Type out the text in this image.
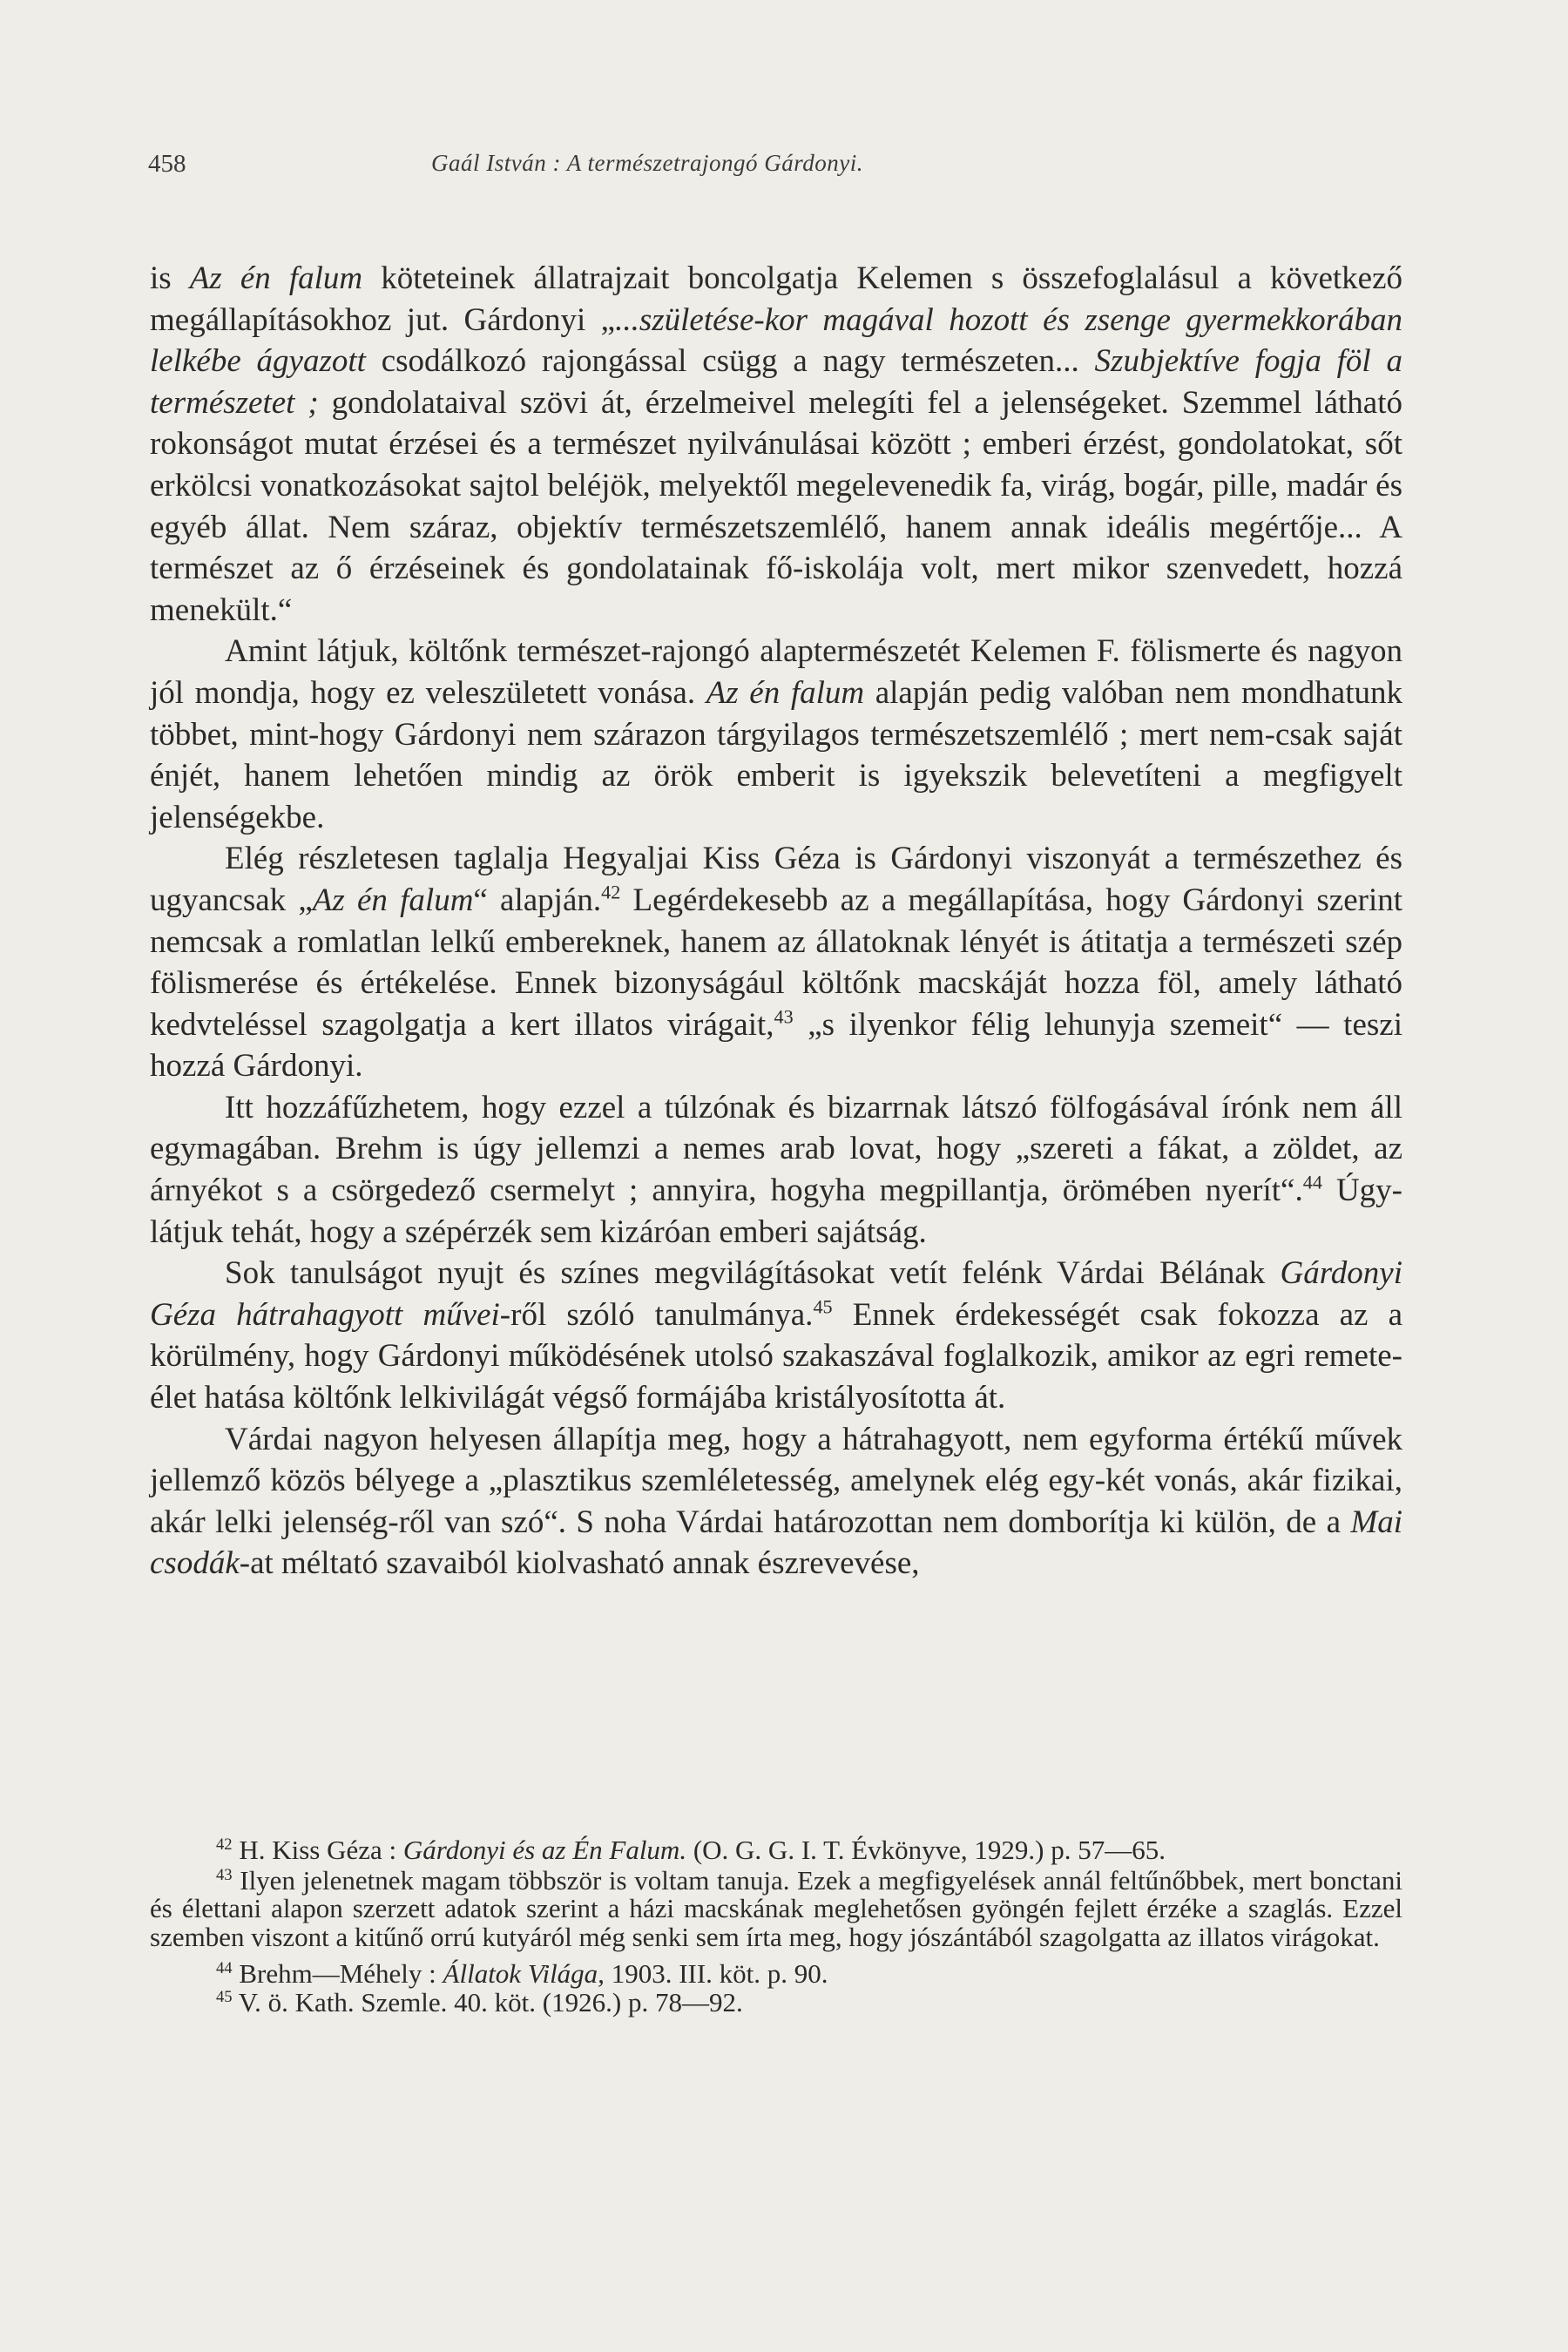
458	Gaál István : A természetrajongó Gárdonyi.

is Az én falum köteteinek állatrajzait boncolgatja Kelemen s összefoglalásul a következő megállapításokhoz jut. Gárdonyi „...születése-kor magával hozott és zsenge gyermekkorában lelkébe ágyazott csodálkozó rajongással csügg a nagy természeten... Szubjektíve fogja föl a természetet ; gondolataival szövi át, érzelmeivel melegíti fel a jelenségeket. Szemmel látható rokonságot mutat érzései és a természet nyilvánulásai között ; emberi érzést, gondolatokat, sőt erkölcsi vonatkozásokat sajtol beléjök, melyektől megelevenedik fa, virág, bogár, pille, madár és egyéb állat. Nem száraz, objektív természetszemlélő, hanem annak ideális megértője... A természet az ő érzéseinek és gondolatainak fő-iskolája volt, mert mikor szenvedett, hozzá menekült.“

Amint látjuk, költőnk természet-rajongó alaptermészetét Kelemen F. fölismerte és nagyon jól mondja, hogy ez veleszületett vonása. Az én falum alapján pedig valóban nem mondhatunk többet, mint-hogy Gárdonyi nem szárazon tárgyilagos természetszemlélő ; mert nem-csak saját énjét, hanem lehetően mindig az örök emberit is igyekszik belevetíteni a megfigyelt jelenségekbe.

Elég részletesen taglalja Hegyaljai Kiss Géza is Gárdonyi viszonyát a természethez és ugyancsak „Az én falum“ alapján.$^{42}$ Legérdekesebb az a megállapítása, hogy Gárdonyi szerint nemcsak a romlatlan lelkű embereknek, hanem az állatoknak lényét is átitatja a természeti szép fölismerése és értékelése. Ennek bizonyságául költőnk macskáját hozza föl, amely látható kedvteléssel szagolgatja a kert illatos virágait,$^{43}$ „s ilyenkor félig lehunyja szemeit“ — teszi hozzá Gárdonyi.

Itt hozzáfűzhetem, hogy ezzel a túlzónak és bizarrnak látszó fölfogásával írónk nem áll egymagában. Brehm is úgy jellemzi a nemes arab lovat, hogy „szereti a fákat, a zöldet, az árnyékot s a csörgedező csermelyt ; annyira, hogyha megpillantja, örömében nyerít“.$^{44}$ Úgy-látjuk tehát, hogy a szépérzék sem kizáróan emberi sajátság.

Sok tanulságot nyujt és színes megvilágításokat vetít felénk Várdai Bélának Gárdonyi Géza hátrahagyott művei-ről szóló tanulmánya.$^{45}$ Ennek érdekességét csak fokozza az a körülmény, hogy Gárdonyi működésének utolsó szakaszával foglalkozik, amikor az egri remete-élet hatása költőnk lelkivilágát végső formájába kristályosította át.

Várdai nagyon helyesen állapítja meg, hogy a hátrahagyott, nem egyforma értékű művek jellemző közös bélyege a „plasztikus szemléletesség, amelynek elég egy-két vonás, akár fizikai, akár lelki jelenség-ről van szó“. S noha Várdai határozottan nem domborítja ki külön, de a Mai csodák-at méltató szavaiból kiolvasható annak észrevevése,

$^{42}$ H. Kiss Géza : Gárdonyi és az Én Falum. (O. G. G. I. T. Évkönyve, 1929.) p. 57—65.

$^{43}$ Ilyen jelenetnek magam többször is voltam tanuja. Ezek a megfigyelések annál feltűnőbbek, mert bonctani és élettani alapon szerzett adatok szerint a házi macskának meglehetősen gyöngén fejlett érzéke a szaglás. Ezzel szemben viszont a kitűnő orrú kutyáról még senki sem írta meg, hogy jószántából szagolgatta az illatos virágokat.

$^{44}$ Brehm—Méhely : Állatok Világa, 1903. III. köt. p. 90.

$^{45}$ V. ö. Kath. Szemle. 40. köt. (1926.) p. 78—92.
